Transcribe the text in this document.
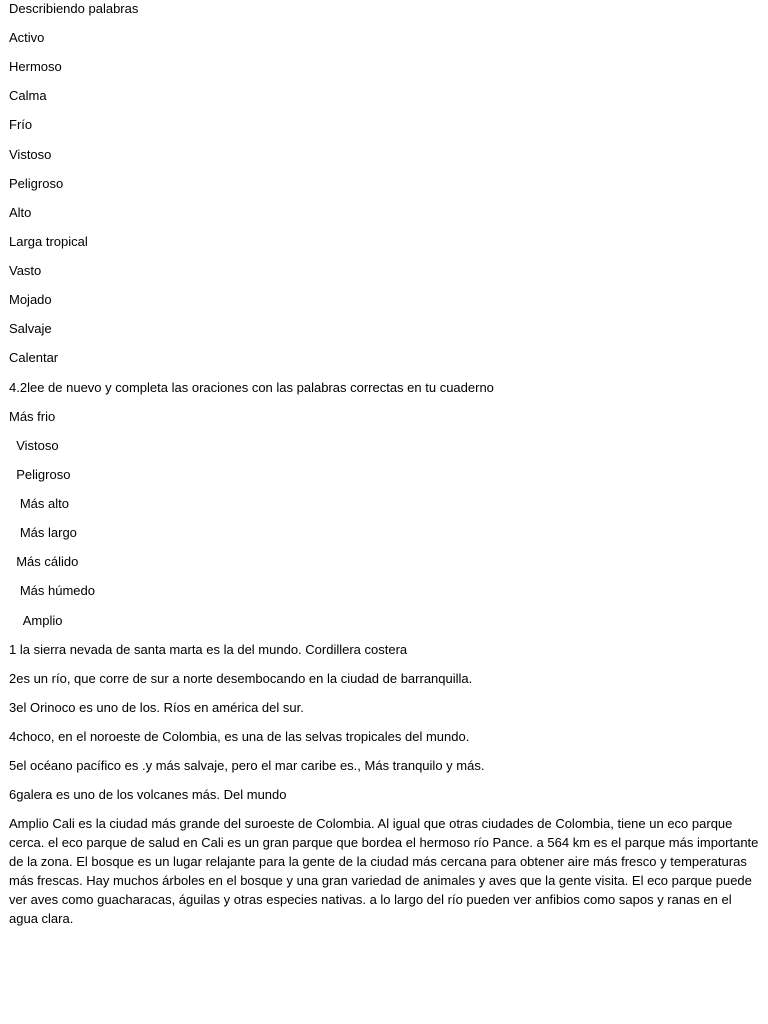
Describiendo palabras

Activo

Hermoso

Calma

Frío

Vistoso

Peligroso

Alto

Larga tropical

Vasto

Mojado

Salvaje

Calentar

4.2lee de nuevo y completa las oraciones con las palabras correctas en tu cuaderno

Más frio

Vistoso

Peligroso

Más alto

Más largo

Más cálido

Más húmedo

Amplio

1 la sierra nevada de santa marta es la del mundo. Cordillera costera

2es un río, que corre de sur a norte desembocando en la ciudad de barranquilla.

3el Orinoco es uno de los. Ríos en américa del sur.

4choco, en el noroeste de Colombia, es una de las selvas tropicales del mundo.

5el océano pacífico es .y más salvaje, pero el mar caribe es., Más tranquilo y más.

6galera es uno de los volcanes más. Del mundo

Amplio Cali es la ciudad más grande del suroeste de Colombia. Al igual que otras ciudades de Colombia, tiene un eco parque cerca. el eco parque de salud en Cali es un gran parque que bordea el hermoso río Pance. a 564 km es el parque más importante de la zona. El bosque es un lugar relajante para la gente de la ciudad más cercana para obtener aire más fresco y temperaturas más frescas. Hay muchos árboles en el bosque y una gran variedad de animales y aves que la gente visita. El eco parque puede ver aves como guacharacas, águilas y otras especies nativas. a lo largo del río pueden ver anfibios como sapos y ranas en el agua clara.
